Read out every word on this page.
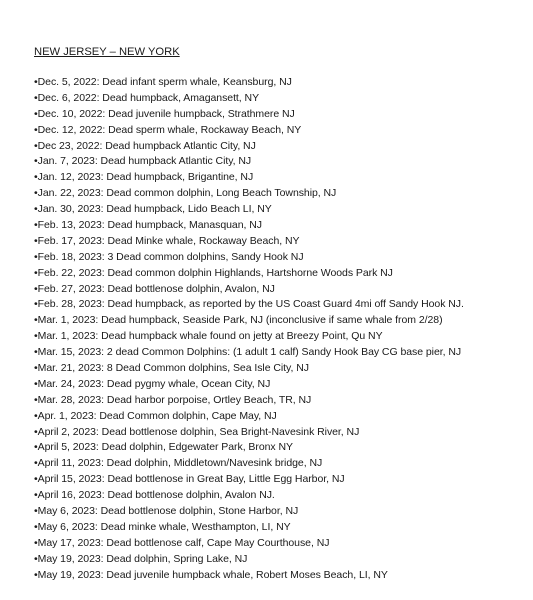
NEW JERSEY – NEW YORK
•Dec. 5, 2022: Dead infant sperm whale, Keansburg, NJ
•Dec. 6, 2022: Dead humpback, Amagansett, NY
•Dec. 10, 2022: Dead juvenile humpback, Strathmere NJ
•Dec. 12, 2022: Dead sperm whale, Rockaway Beach, NY
•Dec 23, 2022: Dead humpback Atlantic City, NJ
•Jan. 7, 2023: Dead humpback Atlantic City, NJ
•Jan. 12, 2023: Dead humpback, Brigantine, NJ
•Jan. 22, 2023: Dead common dolphin, Long Beach Township, NJ
•Jan. 30, 2023: Dead humpback, Lido Beach LI, NY
•Feb. 13, 2023: Dead humpback, Manasquan, NJ
•Feb. 17, 2023: Dead Minke whale, Rockaway Beach, NY
•Feb. 18, 2023: 3 Dead common dolphins, Sandy Hook NJ
•Feb. 22, 2023: Dead common dolphin Highlands, Hartshorne Woods Park NJ
•Feb. 27, 2023: Dead bottlenose dolphin, Avalon, NJ
•Feb. 28, 2023: Dead humpback, as reported by the US Coast Guard 4mi off Sandy Hook NJ.
•Mar. 1, 2023: Dead humpback, Seaside Park, NJ (inconclusive if same whale from 2/28)
•Mar. 1, 2023: Dead humpback whale found on jetty at Breezy Point, Qu NY
•Mar. 15, 2023: 2 dead Common Dolphins: (1 adult 1 calf) Sandy Hook Bay CG base pier, NJ
•Mar. 21, 2023: 8 Dead Common dolphins, Sea Isle City, NJ
•Mar. 24, 2023: Dead pygmy whale, Ocean City, NJ
•Mar. 28, 2023: Dead harbor porpoise, Ortley Beach, TR, NJ
•Apr. 1, 2023: Dead Common dolphin, Cape May, NJ
•April 2, 2023: Dead bottlenose dolphin, Sea Bright-Navesink River, NJ
•April 5, 2023: Dead dolphin, Edgewater Park, Bronx NY
•April 11, 2023: Dead dolphin, Middletown/Navesink bridge, NJ
•April 15, 2023: Dead bottlenose in Great Bay, Little Egg Harbor, NJ
•April 16, 2023: Dead bottlenose dolphin, Avalon NJ.
•May 6, 2023: Dead bottlenose dolphin, Stone Harbor, NJ
•May 6, 2023: Dead minke whale, Westhampton, LI, NY
•May 17, 2023: Dead bottlenose calf, Cape May Courthouse, NJ
•May 19, 2023: Dead dolphin, Spring Lake, NJ
•May 19, 2023: Dead juvenile humpback whale, Robert Moses Beach, LI, NY
